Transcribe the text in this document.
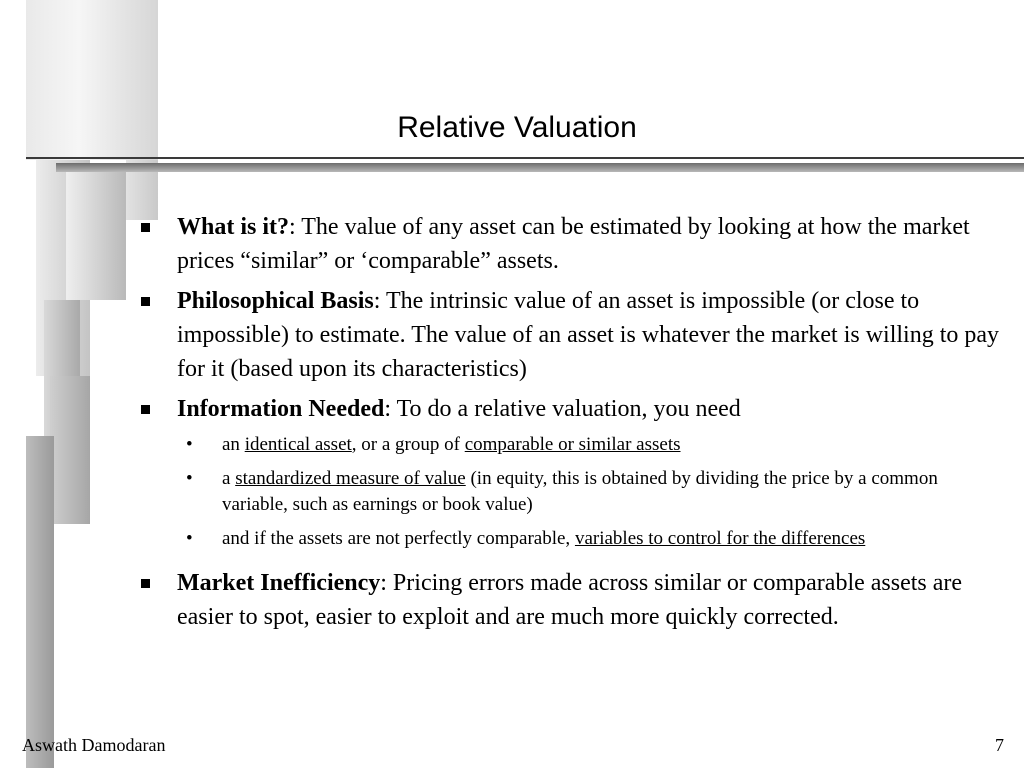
Relative Valuation
What is it?: The value of any asset can be estimated by looking at how the market prices “similar” or ‘comparable” assets.
Philosophical Basis: The intrinsic value of an asset is impossible (or close to impossible) to estimate. The value of an asset is whatever the market is willing to pay for it (based upon its characteristics)
Information Needed: To do a relative valuation, you need
• an identical asset, or a group of comparable or similar assets
• a standardized measure of value (in equity, this is obtained by dividing the price by a common variable, such as earnings or book value)
• and if the assets are not perfectly comparable, variables to control for the differences
Market Inefficiency: Pricing errors made across similar or comparable assets are easier to spot, easier to exploit and are much more quickly corrected.
Aswath Damodaran	7
